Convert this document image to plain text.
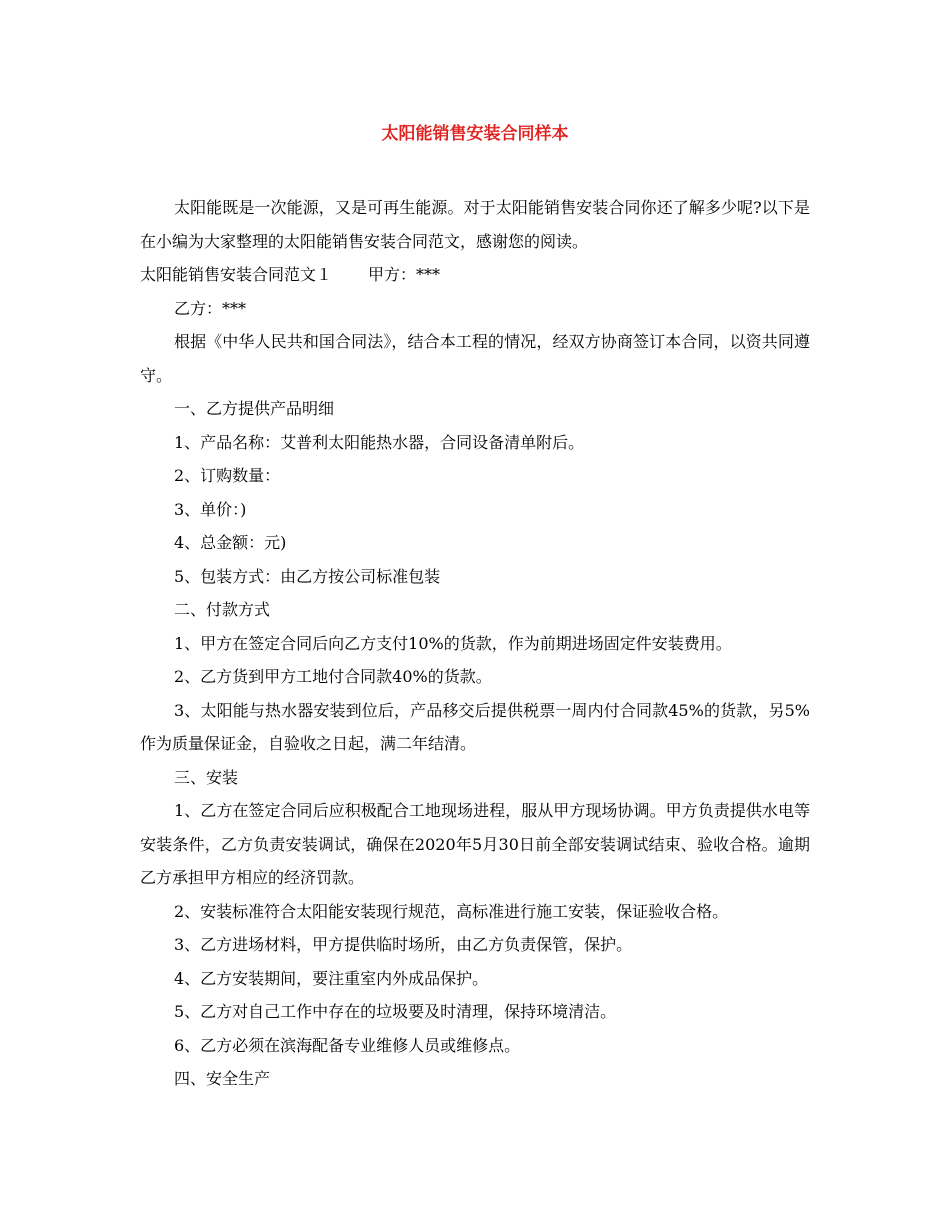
太阳能销售安装合同样本

太阳能既是一次能源，又是可再生能源。对于太阳能销售安装合同你还了解多少呢?以下是在小编为大家整理的太阳能销售安装合同范文，感谢您的阅读。

太阳能销售安装合同范文１ 甲方：***

乙方：***

根据《中华人民共和国合同法》，结合本工程的情况，经双方协商签订本合同，以资共同遵守。

一、乙方提供产品明细

1、产品名称：艾普利太阳能热水器，合同设备清单附后。

2、订购数量：

3、单价：)

4、总金额：元)

5、包装方式：由乙方按公司标准包装

二、付款方式

1、甲方在签定合同后向乙方支付10%的货款，作为前期进场固定件安装费用。

2、乙方货到甲方工地付合同款40%的货款。

3、太阳能与热水器安装到位后，产品移交后提供税票一周内付合同款45%的货款，另5%作为质量保证金，自验收之日起，满二年结清。

三、安装

1、乙方在签定合同后应积极配合工地现场进程，服从甲方现场协调。甲方负责提供水电等安装条件，乙方负责安装调试，确保在2020年5月30日前全部安装调试结束、验收合格。逾期乙方承担甲方相应的经济罚款。

2、安装标准符合太阳能安装现行规范，高标准进行施工安装，保证验收合格。

3、乙方进场材料，甲方提供临时场所，由乙方负责保管，保护。

4、乙方安装期间，要注重室内外成品保护。

5、乙方对自己工作中存在的垃圾要及时清理，保持环境清洁。

6、乙方必须在滨海配备专业维修人员或维修点。

四、安全生产
